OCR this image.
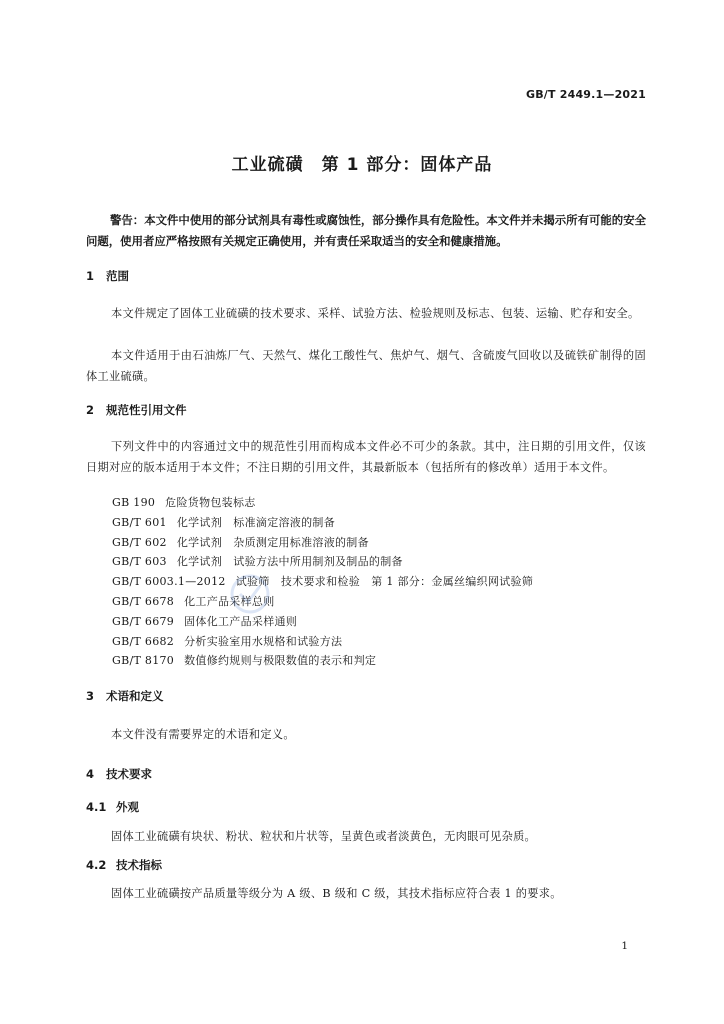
GB/T 2449.1—2021
工业硫磺　第 1 部分：固体产品

警告：本文件中使用的部分试剂具有毒性或腐蚀性，部分操作具有危险性。本文件并未揭示所有可能的安全问题，使用者应严格按照有关规定正确使用，并有责任采取适当的安全和健康措施。

1 范围

本文件规定了固体工业硫磺的技术要求、采样、试验方法、检验规则及标志、包装、运输、贮存和安全。

本文件适用于由石油炼厂气、天然气、煤化工酸性气、焦炉气、烟气、含硫废气回收以及硫铁矿制得的固体工业硫磺。

2 规范性引用文件

下列文件中的内容通过文中的规范性引用而构成本文件必不可少的条款。其中，注日期的引用文件，仅该日期对应的版本适用于本文件；不注日期的引用文件，其最新版本（包括所有的修改单）适用于本文件。

GB 190 危险货物包装标志
GB/T 601 化学试剂　标准滴定溶液的制备
GB/T 602 化学试剂　杂质测定用标准溶液的制备
GB/T 603 化学试剂　试验方法中所用制剂及制品的制备
GB/T 6003.1—2012 试验筛　技术要求和检验　第 1 部分：金属丝编织网试验筛
GB/T 6678 化工产品采样总则
GB/T 6679 固体化工产品采样通则
GB/T 6682 分析实验室用水规格和试验方法
GB/T 8170 数值修约规则与极限数值的表示和判定
3 术语和定义

本文件没有需要界定的术语和定义。

4 技术要求
4.1 外观

固体工业硫磺有块状、粉状、粒状和片状等，呈黄色或者淡黄色，无肉眼可见杂质。

4.2 技术指标

固体工业硫磺按产品质量等级分为 A 级、B 级和 C 级，其技术指标应符合表 1 的要求。

1
